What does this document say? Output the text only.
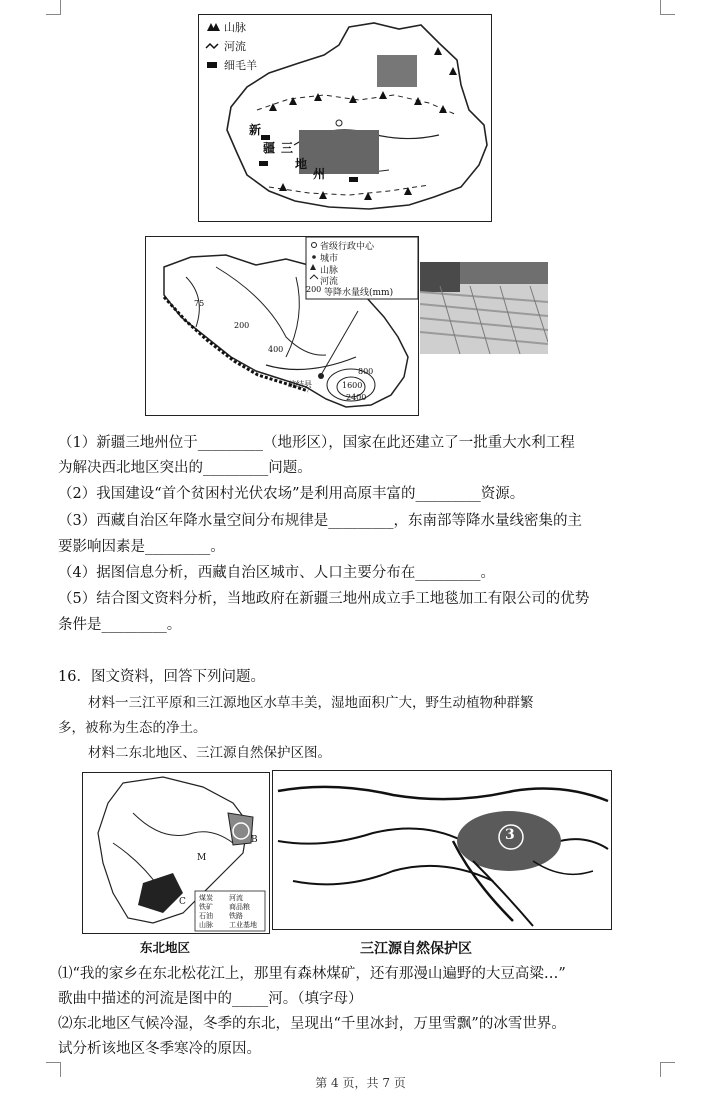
山脉
河流
细毛羊
新
疆 三
地
州
省级行政中心
城市
山脉
河流
200 等降水量线(mm)
75
200
400
800
1600
2400
琼结县
（1）新疆三地州位于_________（地形区），国家在此还建立了一批重大水利工程
为解决西北地区突出的_________问题。
（2）我国建设“首个贫困村光伏农场”是利用高原丰富的_________资源。
（3）西藏自治区年降水量空间分布规律是_________，东南部等降水量线密集的主
要影响因素是_________。
（4）据图信息分析，西藏自治区城市、人口主要分布在_________。
（5）结合图文资料分析，当地政府在新疆三地州成立手工地毯加工有限公司的优势
条件是_________。
16．图文资料，回答下列问题。
材料一三江平原和三江源地区水草丰美，湿地面积广大，野生动植物种群繁
多，被称为生态的净土。
材料二东北地区、三江源自然保护区图。
B
M
C 煤炭
铁矿
石油
山脉
河流
商品粮
铁路
工业基地
东北地区
3
三江源自然保护区
⑴“我的家乡在东北松花江上，那里有森林煤矿，还有那漫山遍野的大豆高粱…”
歌曲中描述的河流是图中的_____河。（填字母）
⑵东北地区气候冷湿，冬季的东北，呈现出“千里冰封，万里雪飘”的冰雪世界。
试分析该地区冬季寒冷的原因。
第 4 页，共 7 页
